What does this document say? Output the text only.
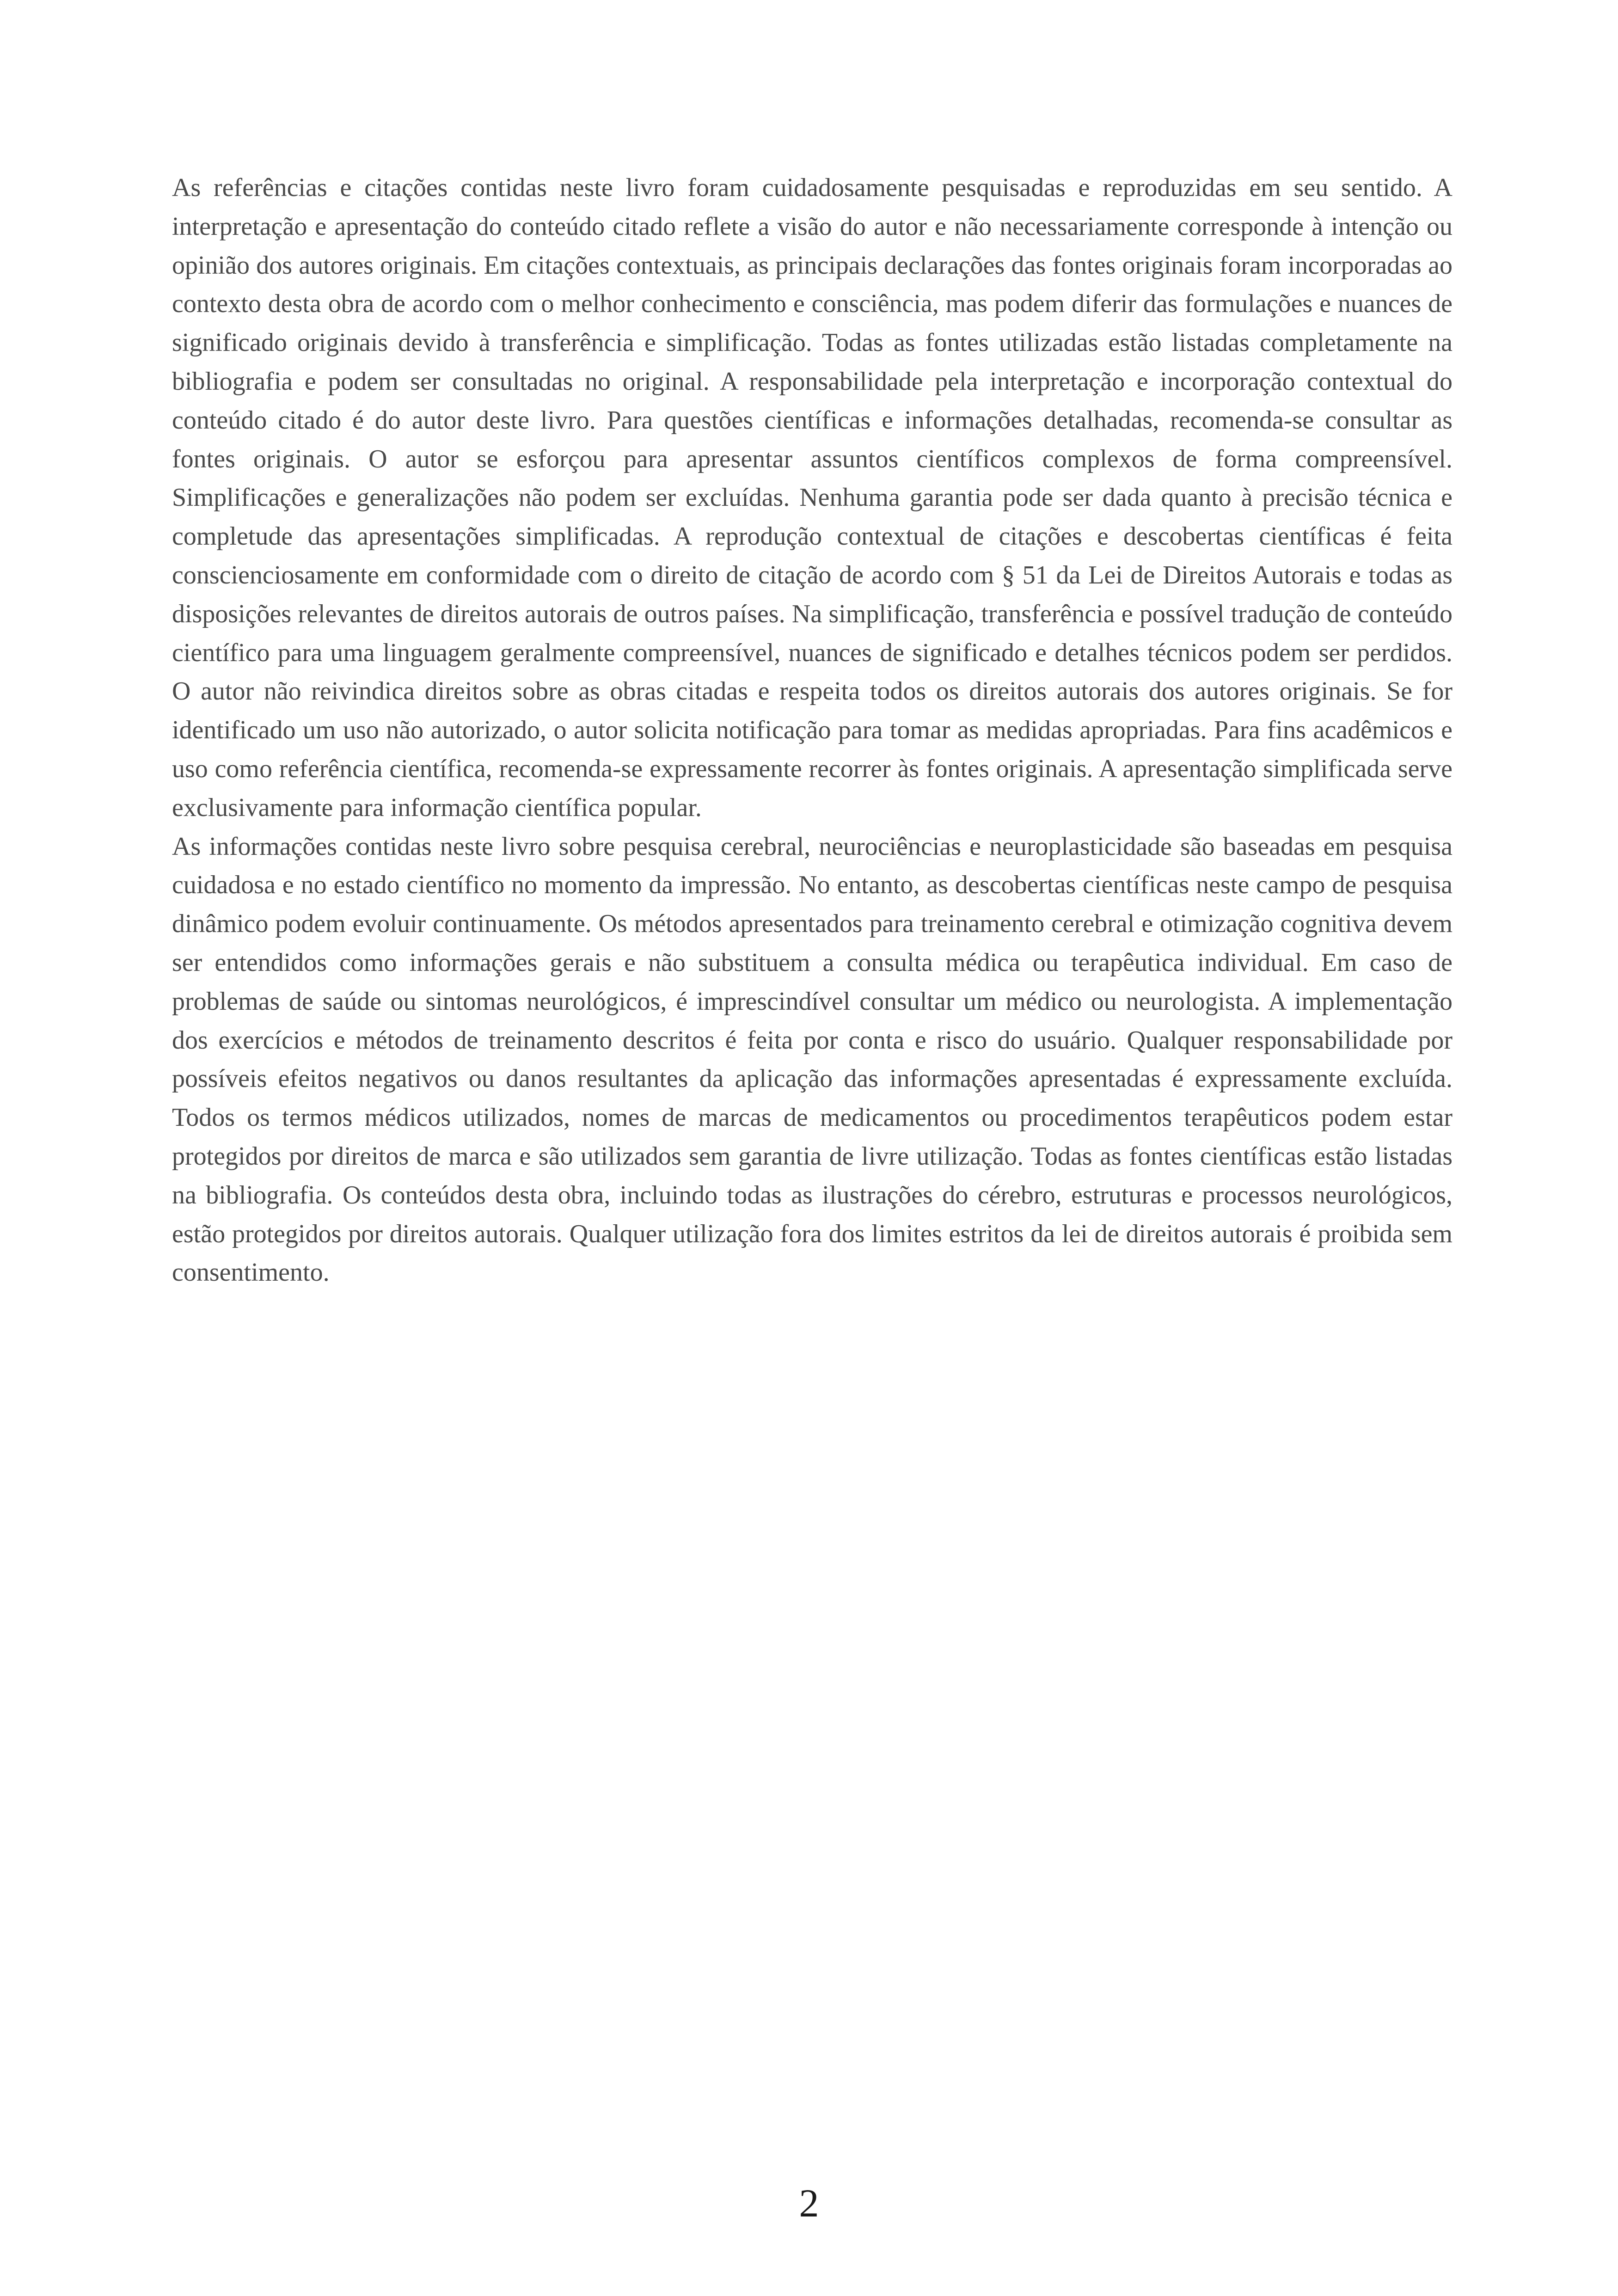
As referências e citações contidas neste livro foram cuidadosamente pesquisadas e reproduzidas em seu sentido. A interpretação e apresentação do conteúdo citado reflete a visão do autor e não necessariamente corresponde à intenção ou opinião dos autores originais. Em citações contextuais, as principais declarações das fontes originais foram incorporadas ao contexto desta obra de acordo com o melhor conhecimento e consciência, mas podem diferir das formulações e nuances de significado originais devido à transferência e simplificação. Todas as fontes utilizadas estão listadas completamente na bibliografia e podem ser consultadas no original. A responsabilidade pela interpretação e incorporação contextual do conteúdo citado é do autor deste livro. Para questões científicas e informações detalhadas, recomenda-se consultar as fontes originais. O autor se esforçou para apresentar assuntos científicos complexos de forma compreensível. Simplificações e generalizações não podem ser excluídas. Nenhuma garantia pode ser dada quanto à precisão técnica e completude das apresentações simplificadas. A reprodução contextual de citações e descobertas científicas é feita conscienciosamente em conformidade com o direito de citação de acordo com § 51 da Lei de Direitos Autorais e todas as disposições relevantes de direitos autorais de outros países. Na simplificação, transferência e possível tradução de conteúdo científico para uma linguagem geralmente compreensível, nuances de significado e detalhes técnicos podem ser perdidos. O autor não reivindica direitos sobre as obras citadas e respeita todos os direitos autorais dos autores originais. Se for identificado um uso não autorizado, o autor solicita notificação para tomar as medidas apropriadas. Para fins acadêmicos e uso como referência científica, recomenda-se expressamente recorrer às fontes originais. A apresentação simplificada serve exclusivamente para informação científica popular.

As informações contidas neste livro sobre pesquisa cerebral, neurociências e neuroplasticidade são baseadas em pesquisa cuidadosa e no estado científico no momento da impressão. No entanto, as descobertas científicas neste campo de pesquisa dinâmico podem evoluir continuamente. Os métodos apresentados para treinamento cerebral e otimização cognitiva devem ser entendidos como informações gerais e não substituem a consulta médica ou terapêutica individual. Em caso de problemas de saúde ou sintomas neurológicos, é imprescindível consultar um médico ou neurologista. A implementação dos exercícios e métodos de treinamento descritos é feita por conta e risco do usuário. Qualquer responsabilidade por possíveis efeitos negativos ou danos resultantes da aplicação das informações apresentadas é expressamente excluída. Todos os termos médicos utilizados, nomes de marcas de medicamentos ou procedimentos terapêuticos podem estar protegidos por direitos de marca e são utilizados sem garantia de livre utilização. Todas as fontes científicas estão listadas na bibliografia. Os conteúdos desta obra, incluindo todas as ilustrações do cérebro, estruturas e processos neurológicos, estão protegidos por direitos autorais. Qualquer utilização fora dos limites estritos da lei de direitos autorais é proibida sem consentimento.

2
